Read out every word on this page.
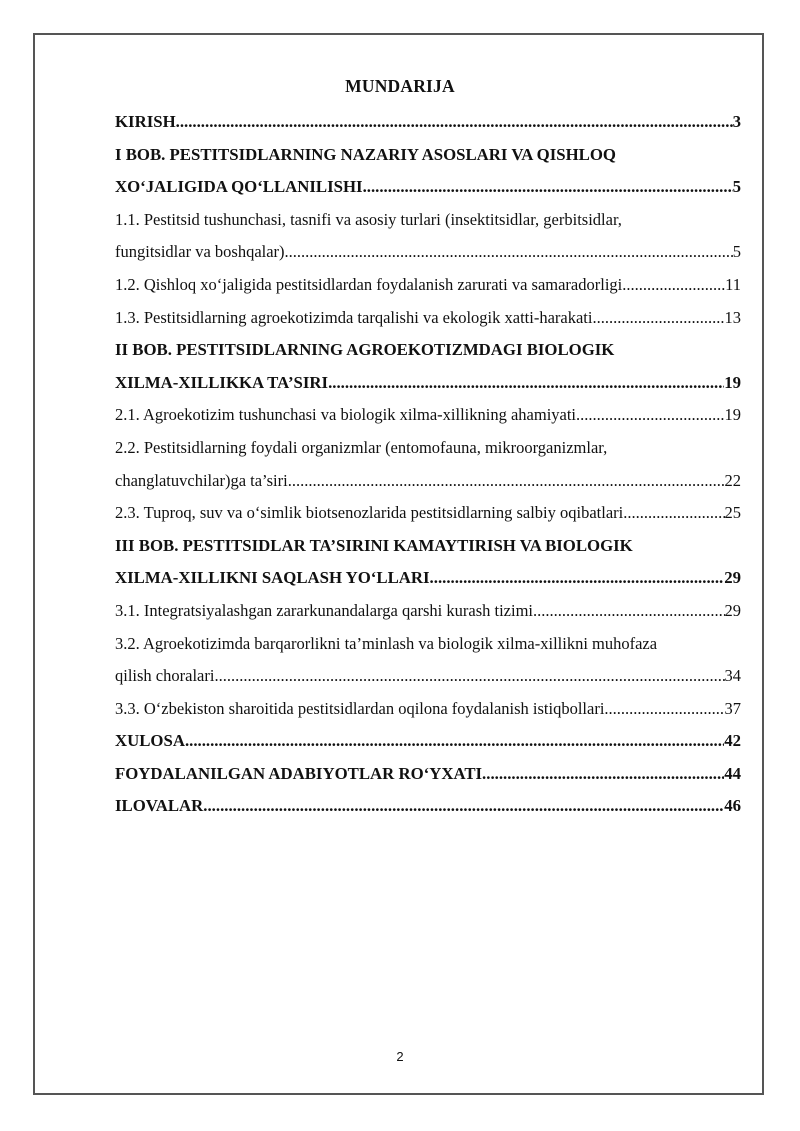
MUNDARIJA
KIRISH .....	3
I BOB. PESTITSIDLARNING NAZARIY ASOSLARI VA QISHLOQ
XO‘JALIGIDA QO‘LLANILISHI .....	5
1.1. Pestitsid tushunchasi, tasnifi va asosiy turlari (insektitsidlar, gerbitsidlar,
fungitsidlar va boshqalar) .....	5
1.2. Qishloq xo‘jaligida pestitsidlardan foydalanish zarurati va samaradorligi .....	11
1.3. Pestitsidlarning agroekotizimda tarqalishi va ekologik xatti-harakati .....	13
II BOB. PESTITSIDLARNING AGROEKOTIZMDAGI BIOLOGIK
XILMA-XILLIKKA TA’SIRI .....	19
2.1. Agroekotizim tushunchasi va biologik xilma-xillikning ahamiyati .....	19
2.2. Pestitsidlarning foydali organizmlar (entomofauna, mikroorganizmlar,
changlatuvchilar)ga ta’siri .....	22
2.3. Tuproq, suv va o‘simlik biotsenozlarida pestitsidlarning salbiy oqibatlari .....	25
III BOB. PESTITSIDLAR TA’SIRINI KAMAYTIRISH VA BIOLOGIK
XILMA-XILLIKNI SAQLASH YO‘LLARI .....	29
3.1. Integratsiyalashgan zararkunandalarga qarshi kurash tizimi .....	29
3.2. Agroekotizimda barqarorlikni ta’minlash va biologik xilma-xillikni muhofaza
qilish choralari .....	34
3.3. O‘zbekiston sharoitida pestitsidlardan oqilona foydalanish istiqbollari .....	37
XULOSA .....	42
FOYDALANILGAN ADABIYOTLAR RO‘YXATI .....	44
ILOVALAR .....	46
2
